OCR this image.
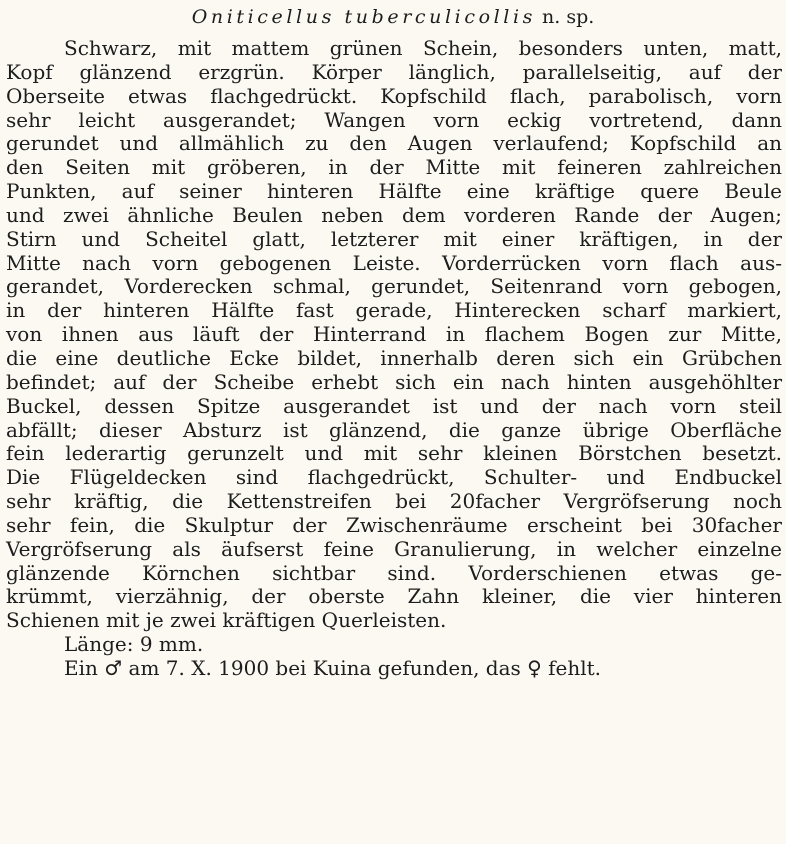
Oniticellus tuberculicollis n. sp.
Schwarz, mit mattem grünen Schein, besonders unten, matt,
Kopf glänzend erzgrün. Körper länglich, parallelseitig, auf der
Oberseite etwas flachgedrückt. Kopfschild flach, parabolisch, vorn
sehr leicht ausgerandet; Wangen vorn eckig vortretend, dann
gerundet und allmählich zu den Augen verlaufend; Kopfschild an
den Seiten mit gröberen, in der Mitte mit feineren zahlreichen
Punkten, auf seiner hinteren Hälfte eine kräftige quere Beule
und zwei ähnliche Beulen neben dem vorderen Rande der Augen;
Stirn und Scheitel glatt, letzterer mit einer kräftigen, in der
Mitte nach vorn gebogenen Leiste. Vorderrücken vorn flach aus-
gerandet, Vorderecken schmal, gerundet, Seitenrand vorn gebogen,
in der hinteren Hälfte fast gerade, Hinterecken scharf markiert,
von ihnen aus läuft der Hinterrand in flachem Bogen zur Mitte,
die eine deutliche Ecke bildet, innerhalb deren sich ein Grübchen
befindet; auf der Scheibe erhebt sich ein nach hinten ausgehöhlter
Buckel, dessen Spitze ausgerandet ist und der nach vorn steil
abfällt; dieser Absturz ist glänzend, die ganze übrige Oberfläche
fein lederartig gerunzelt und mit sehr kleinen Börstchen besetzt.
Die Flügeldecken sind flachgedrückt, Schulter- und Endbuckel
sehr kräftig, die Kettenstreifen bei 20facher Vergröfserung noch
sehr fein, die Skulptur der Zwischenräume erscheint bei 30facher
Vergröfserung als äufserst feine Granulierung, in welcher einzelne
glänzende Körnchen sichtbar sind. Vorderschienen etwas ge-
krümmt, vierzähnig, der oberste Zahn kleiner, die vier hinteren
Schienen mit je zwei kräftigen Querleisten.
Länge: 9 mm.
Ein ♂ am 7. X. 1900 bei Kuina gefunden, das ♀ fehlt.
